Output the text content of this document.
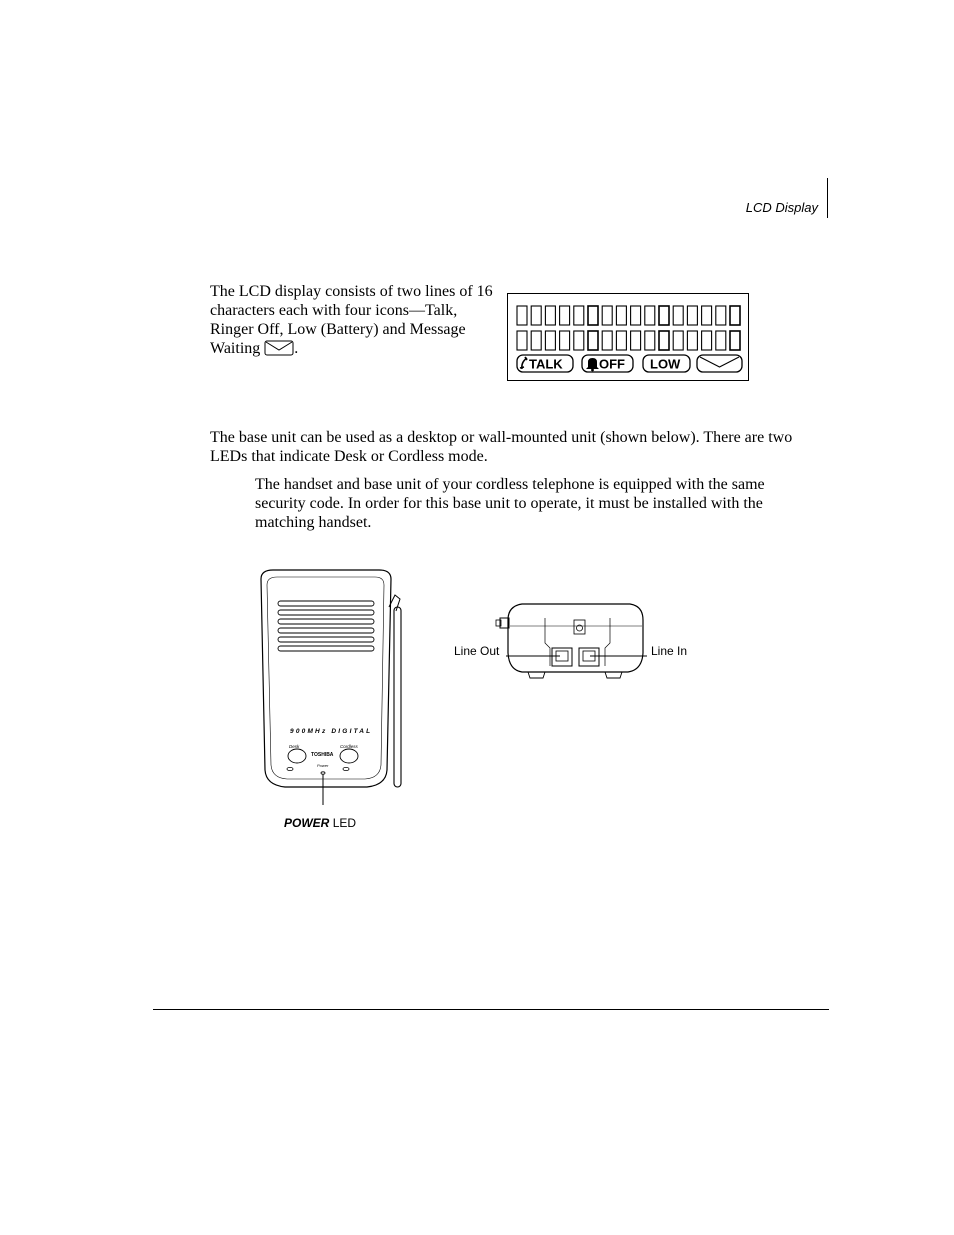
LCD Display
The LCD display consists of two lines of 16 characters each with four icons—Talk, Ringer Off, Low (Battery) and Message Waiting .
TALK	OFF LOW
The base unit can be used as a desktop or wall-mounted unit (shown below). There are two LEDs that indicate Desk or Cordless mode.
The handset and base unit of your cordless telephone is equipped with the same security code. In order for this base unit to operate, it must be installed with the matching handset.
900MHz DIGITAL
Desk	Cordless
TOSHIBA
Power
POWER LED
Line Out	Line In
